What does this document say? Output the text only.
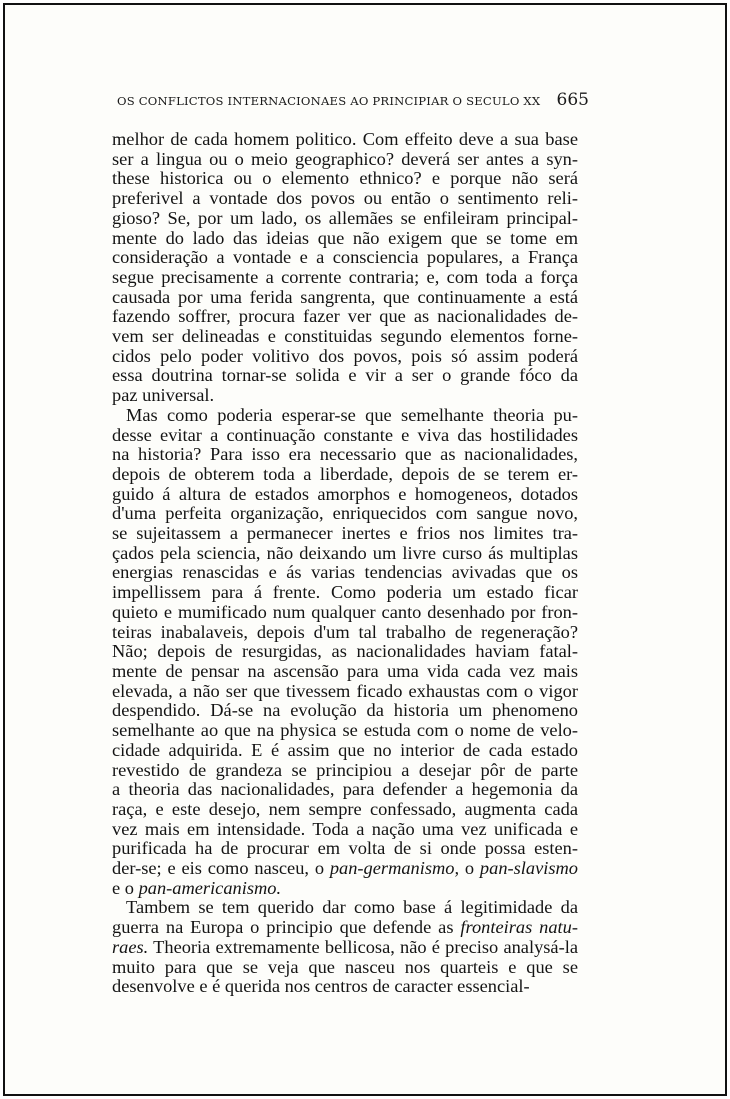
OS CONFLICTOS INTERNACIONAES AO PRINCIPIAR O SECULO XX 665
melhor de cada homem politico. Com effeito deve a sua base
ser a lingua ou o meio geographico? deverá ser antes a syn-
these historica ou o elemento ethnico? e porque não será
preferivel a vontade dos povos ou então o sentimento reli-
gioso? Se, por um lado, os allemães se enfileiram principal-
mente do lado das ideias que não exigem que se tome em
consideração a vontade e a consciencia populares, a França
segue precisamente a corrente contraria; e, com toda a força
causada por uma ferida sangrenta, que continuamente a está
fazendo soffrer, procura fazer ver que as nacionalidades de-
vem ser delineadas e constituidas segundo elementos forne-
cidos pelo poder volitivo dos povos, pois só assim poderá
essa doutrina tornar-se solida e vir a ser o grande fóco da
paz universal.
Mas como poderia esperar-se que semelhante theoria pu-
desse evitar a continuação constante e viva das hostilidades
na historia? Para isso era necessario que as nacionalidades,
depois de obterem toda a liberdade, depois de se terem er-
guido á altura de estados amorphos e homogeneos, dotados
d'uma perfeita organização, enriquecidos com sangue novo,
se sujeitassem a permanecer inertes e frios nos limites tra-
çados pela sciencia, não deixando um livre curso ás multiplas
energias renascidas e ás varias tendencias avivadas que os
impellissem para á frente. Como poderia um estado ficar
quieto e mumificado num qualquer canto desenhado por fron-
teiras inabalaveis, depois d'um tal trabalho de regeneração?
Não; depois de resurgidas, as nacionalidades haviam fatal-
mente de pensar na ascensão para uma vida cada vez mais
elevada, a não ser que tivessem ficado exhaustas com o vigor
despendido. Dá-se na evolução da historia um phenomeno
semelhante ao que na physica se estuda com o nome de velo-
cidade adquirida. E é assim que no interior de cada estado
revestido de grandeza se principiou a desejar pôr de parte
a theoria das nacionalidades, para defender a hegemonia da
raça, e este desejo, nem sempre confessado, augmenta cada
vez mais em intensidade. Toda a nação uma vez unificada e
purificada ha de procurar em volta de si onde possa esten-
der-se; e eis como nasceu, o pan-germanismo, o pan-slavismo
e o pan-americanismo.
Tambem se tem querido dar como base á legitimidade da
guerra na Europa o principio que defende as fronteiras natu-
raes. Theoria extremamente bellicosa, não é preciso analysá-la
muito para que se veja que nasceu nos quarteis e que se
desenvolve e é querida nos centros de caracter essencial-
